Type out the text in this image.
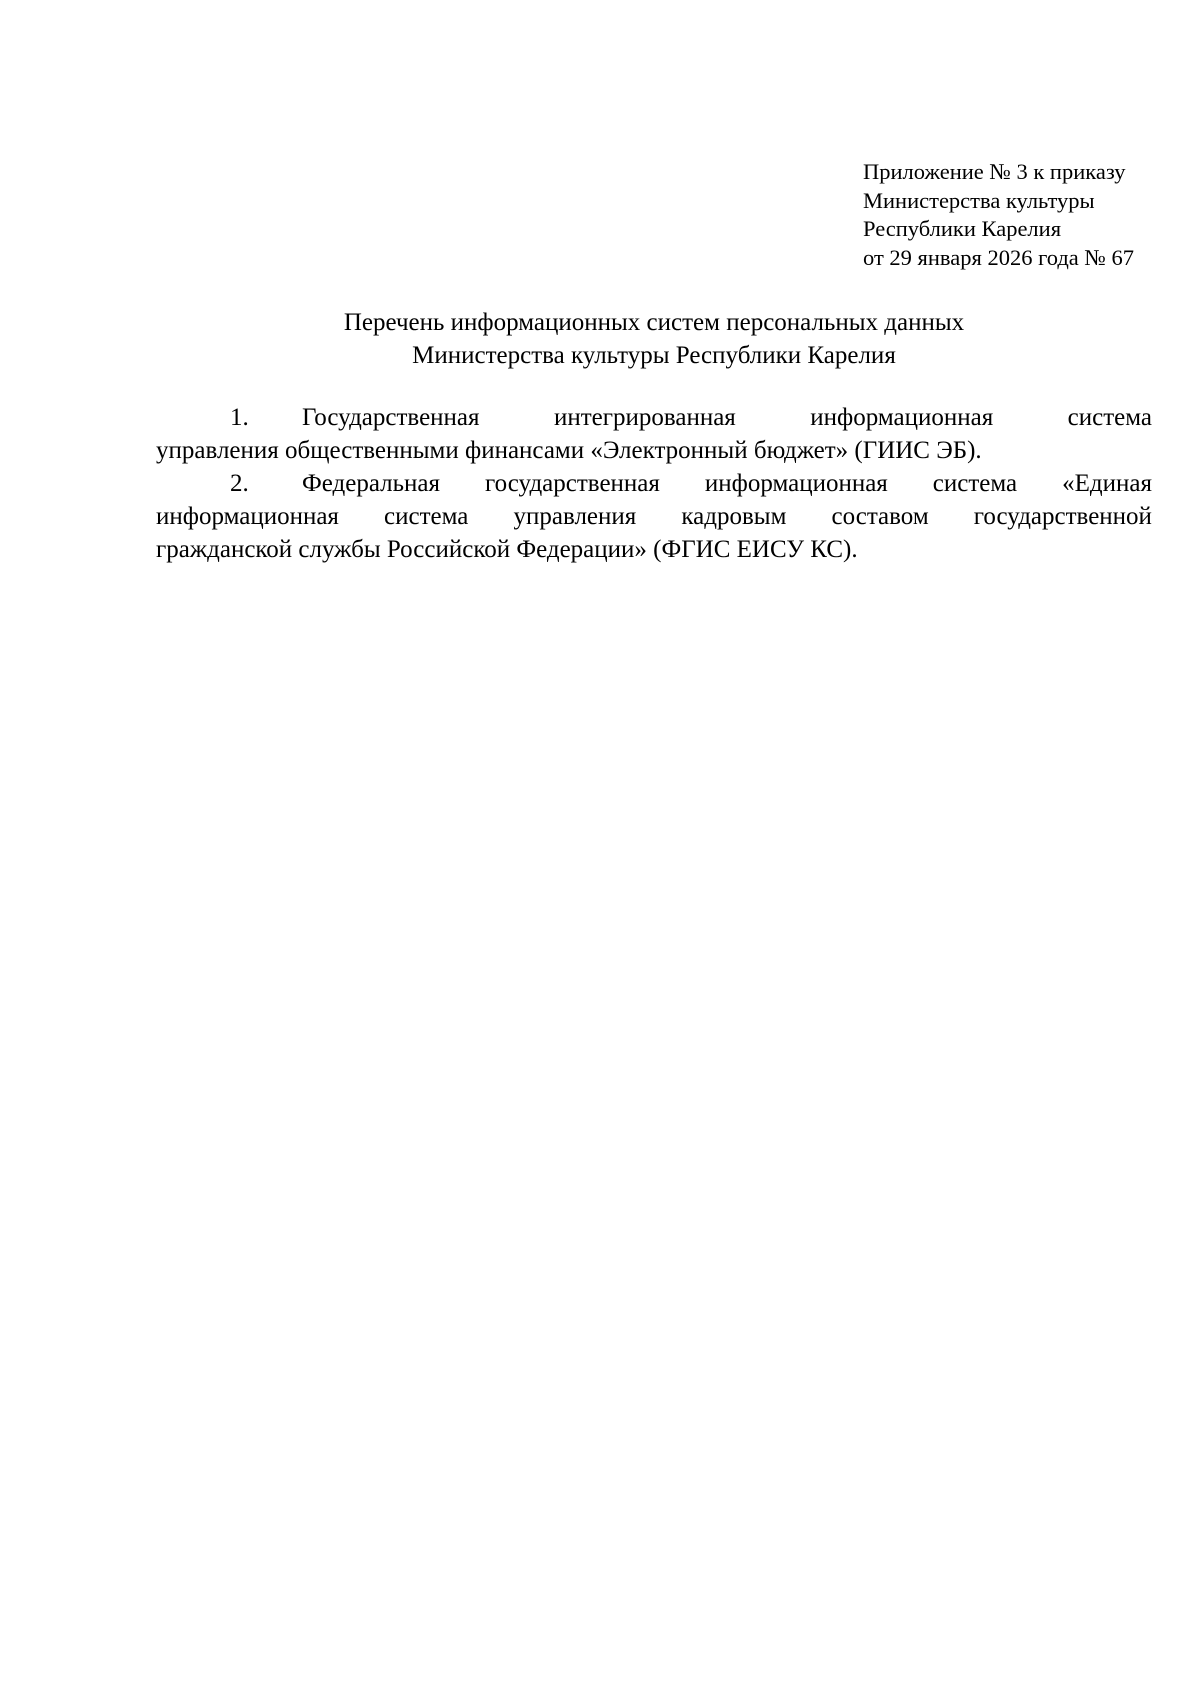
Приложение № 3 к приказу
Министерства культуры
Республики Карелия
от 29 января 2026 года № 67
Перечень информационных систем персональных данных
Министерства культуры Республики Карелия
1.	Государственная	интегрированная	информационная	система
управления общественными финансами «Электронный бюджет» (ГИИС ЭБ).
2.	Федеральная государственная информационная система «Единая
информационная система управления кадровым составом государственной
гражданской службы Российской Федерации» (ФГИС ЕИСУ КС).
